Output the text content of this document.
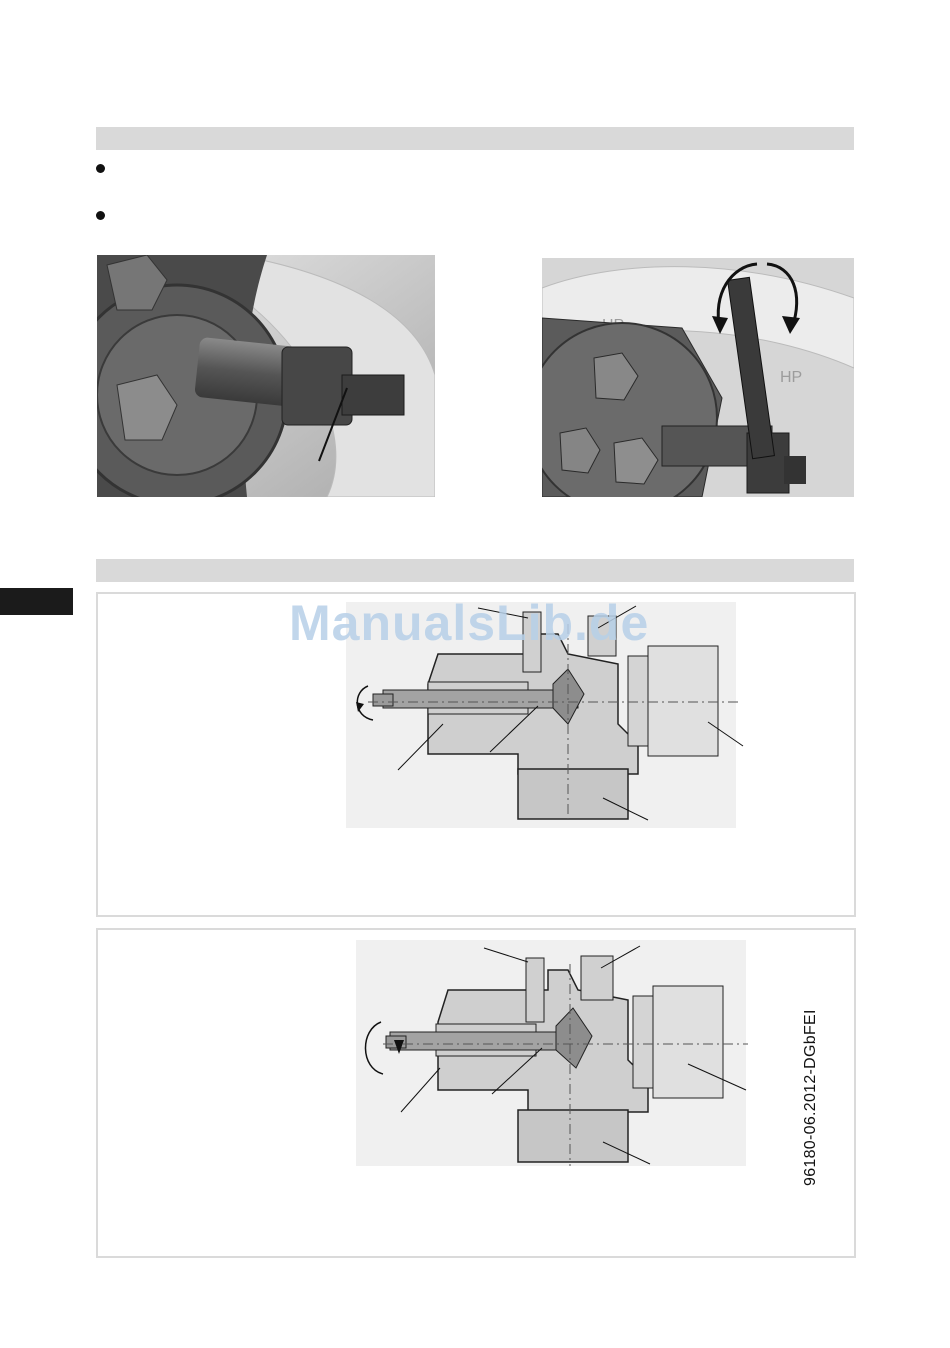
HP
ManualsLib.de
96180-06.2012-DGbFEI
